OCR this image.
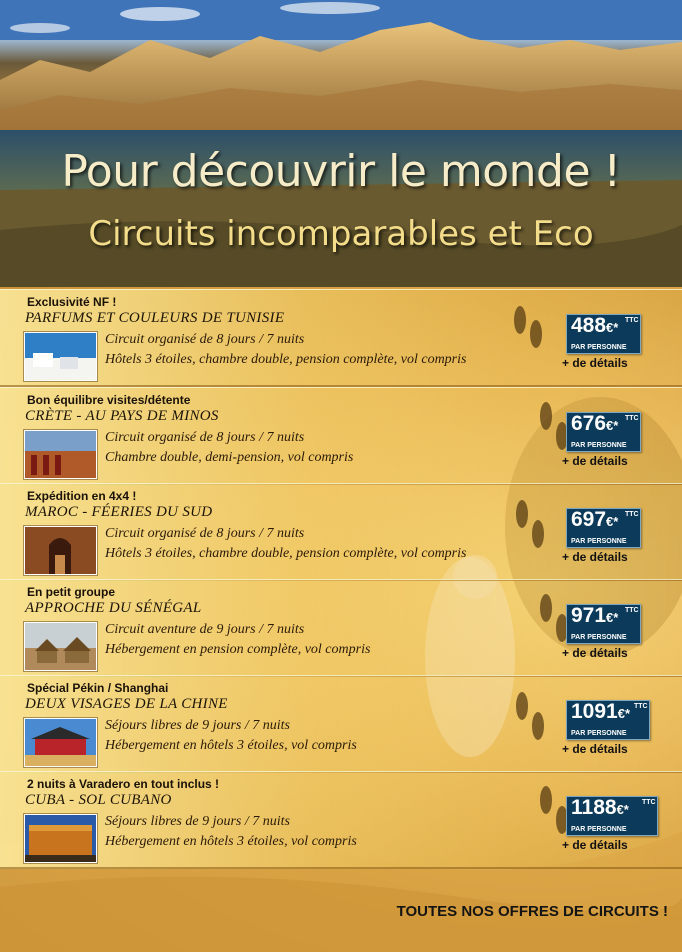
Pour découvrir le monde !
Circuits incomparables et Eco
Exclusivité NF !
PARFUMS ET COULEURS DE TUNISIE
Circuit organisé de 8 jours / 7 nuits
Hôtels 3 étoiles, chambre double, pension complète, vol compris
488€* TTC
PAR PERSONNE
+ de détails
Bon équilibre visites/détente
CRÈTE - AU PAYS DE MINOS
Circuit organisé de 8 jours / 7 nuits
Chambre double, demi-pension, vol compris
676€* TTC
PAR PERSONNE
+ de détails
Expédition en 4x4 !
MAROC - FÉERIES DU SUD
Circuit organisé de 8 jours / 7 nuits
Hôtels 3 étoiles, chambre double, pension complète, vol compris
697€* TTC
PAR PERSONNE
+ de détails
En petit groupe
APPROCHE DU SÉNÉGAL
Circuit aventure de 9 jours / 7 nuits
Hébergement en pension complète, vol compris
971€* TTC
PAR PERSONNE
+ de détails
Spécial Pékin / Shanghai
DEUX VISAGES DE LA CHINE
Séjours libres de 9 jours / 7 nuits
Hébergement en hôtels 3 étoiles, vol compris
1091€* TTC
PAR PERSONNE
+ de détails
2 nuits à Varadero en tout inclus !
CUBA - SOL CUBANO
Séjours libres de 9 jours / 7 nuits
Hébergement en hôtels 3 étoiles, vol compris
1188€* TTC
PAR PERSONNE
+ de détails
TOUTES NOS OFFRES DE CIRCUITS !
